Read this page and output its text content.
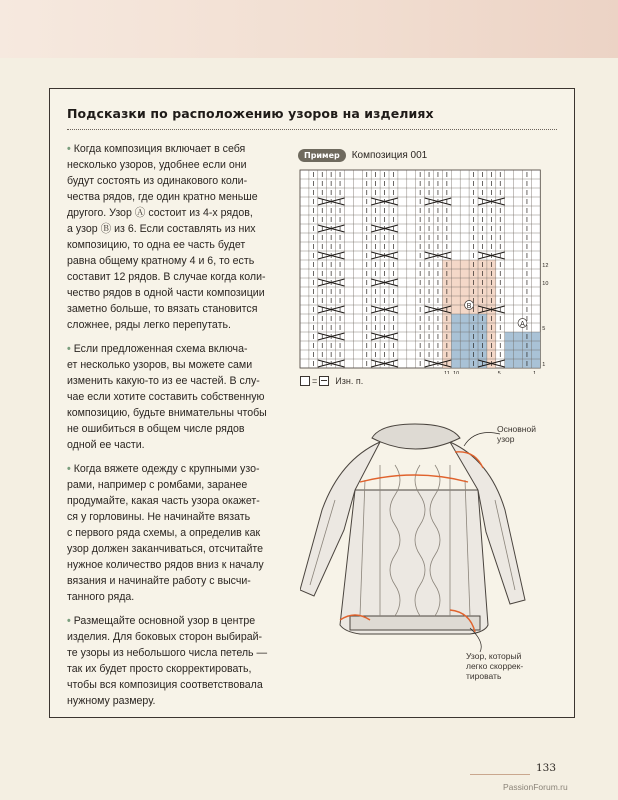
Подсказки по расположению узоров на изделиях
• Когда композиция включает в себя
несколько узоров, удобнее если они
будут состоять из одинакового коли-
чества рядов, где один кратно меньше
другого. Узор Ⓐ состоит из 4-х рядов,
а узор Ⓑ из 6. Если составлять из них
композицию, то одна ее часть будет
равна общему кратному 4 и 6, то есть
составит 12 рядов. В случае когда коли-
чество рядов в одной части композиции
заметно больше, то вязать становится
сложнее, ряды легко перепутать.

• Если предложенная схема включа-
ет несколько узоров, вы можете сами
изменить какую-то из ее частей. В слу-
чае если хотите составить собственную
композицию, будьте внимательны чтобы
не ошибиться в общем числе рядов
одной ее части.

• Когда вяжете одежду с крупными узо-
рами, например с ромбами, заранее
продумайте, какая часть узора окажет-
ся у горловины. Не начинайте вязать
с первого ряда схемы, а определив как
узор должен заканчиваться, отсчитайте
нужное количество рядов вниз к началу
вязания и начинайте работу с высчи-
танного ряда.

• Размещайте основной узор в центре
изделия. Для боковых сторон выбирай-
те узоры из небольшого числа петель —
так их будет просто скорректировать,
чтобы вся композиция соответствовала
нужному размеру.

Пример	Композиция 001
A
B
12
10
5
1
11 10	5	1
= Изн. п.
Основной
узор
Узор, который
легко скоррек-
тировать
133
PassionForum.ru
